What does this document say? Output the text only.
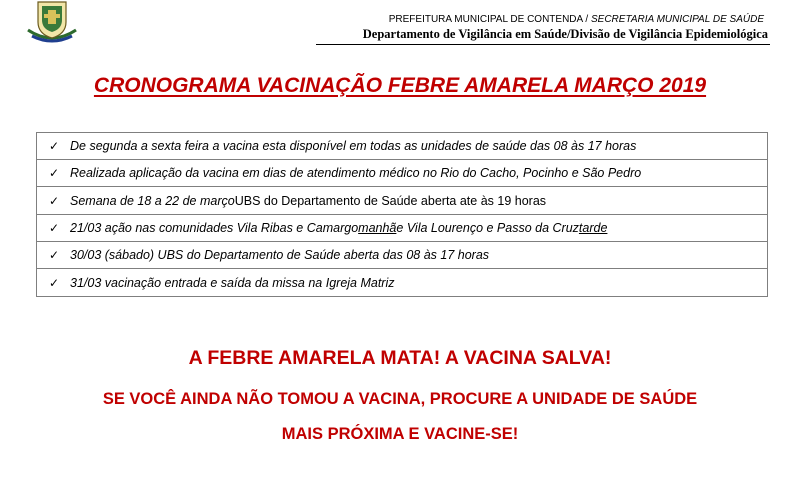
PREFEITURA MUNICIPAL DE CONTENDA / SECRETARIA MUNICIPAL DE SAÚDE
Departamento de Vigilância em Saúde/Divisão de Vigilância Epidemiológica
CRONOGRAMA VACINAÇÃO FEBRE AMARELA MARÇO 2019
✓ De segunda a sexta feira a vacina esta disponível em todas as unidades de saúde das 08 às 17 horas
✓ Realizada aplicação da vacina em dias de atendimento médico no Rio do Cacho, Pocinho e São Pedro
✓ Semana de 18 a 22 de março UBS do Departamento de Saúde aberta ate às 19 horas
✓ 21/03 ação nas comunidades Vila Ribas e Camargo manhã e Vila Lourenço e Passo da Cruz tarde
✓ 30/03 (sábado) UBS do Departamento de Saúde aberta das 08 às 17 horas
✓ 31/03 vacinação entrada e saída da missa na Igreja Matriz
A FEBRE AMARELA MATA! A VACINA SALVA!
SE VOCÊ AINDA NÃO TOMOU A VACINA, PROCURE A UNIDADE DE SAÚDE
MAIS PRÓXIMA E VACINE-SE!
